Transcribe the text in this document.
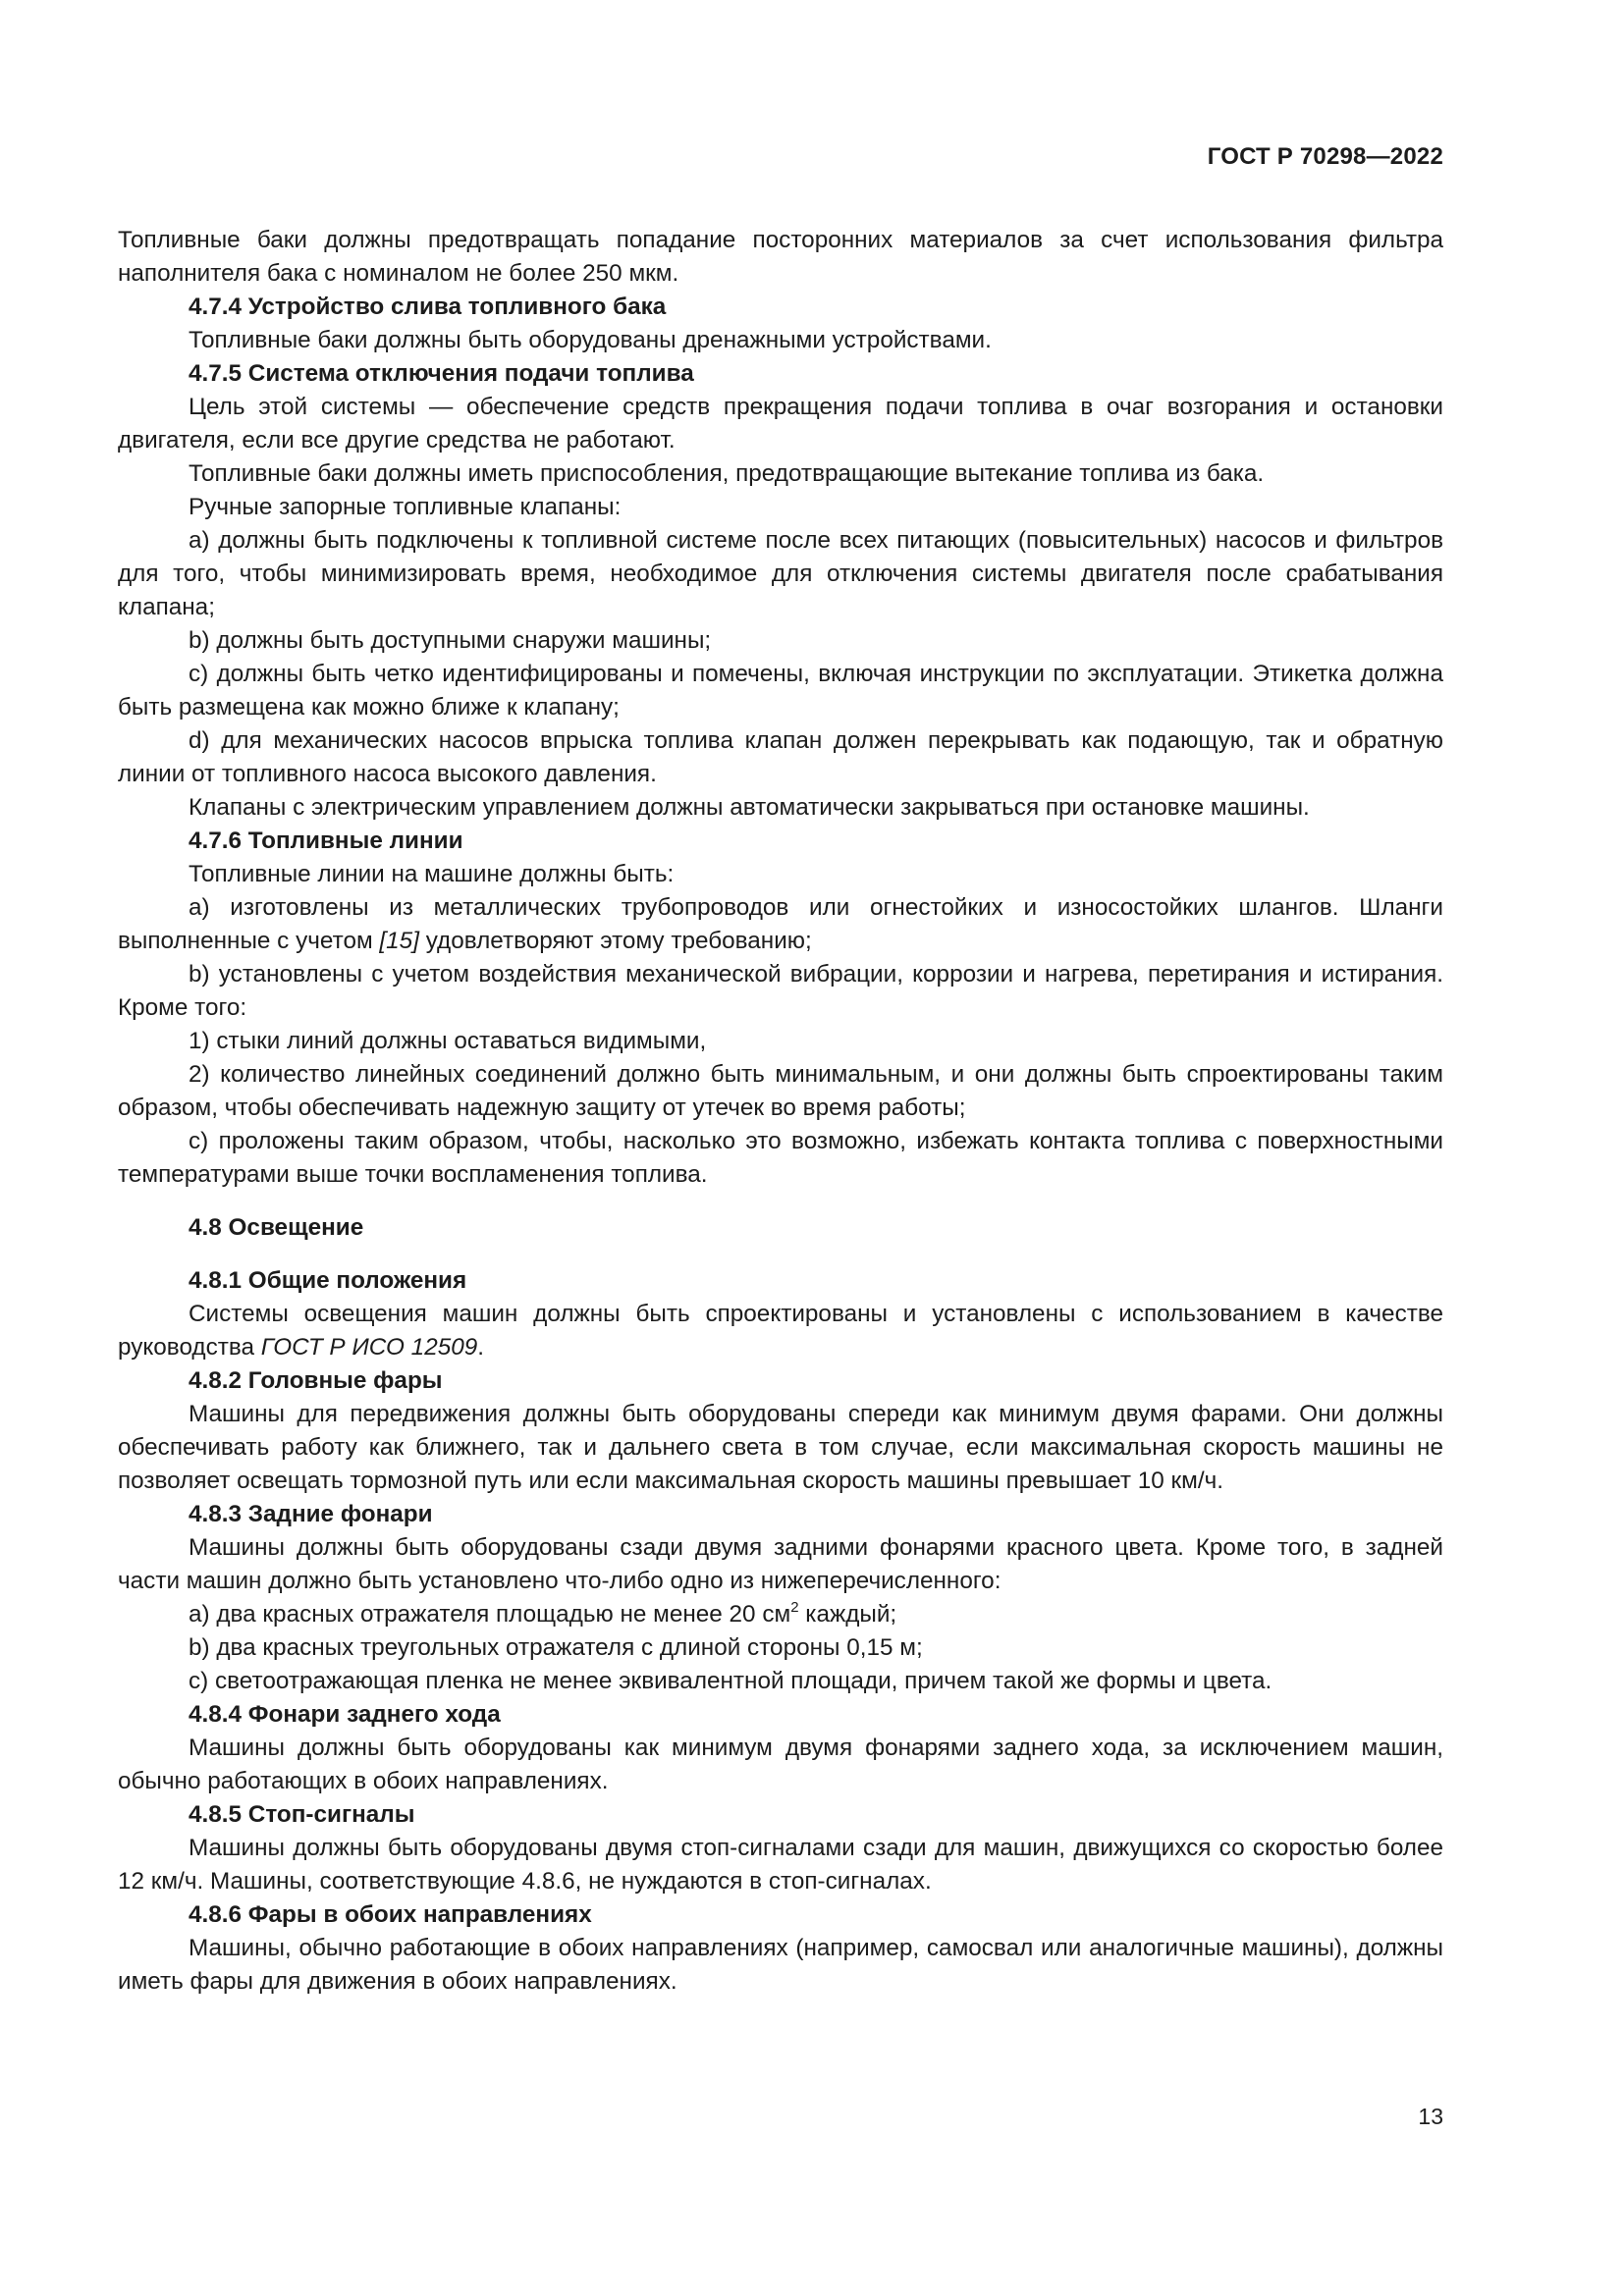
ГОСТ Р 70298—2022

Топливные баки должны предотвращать попадание посторонних материалов за счет использования фильтра наполнителя бака с номиналом не более 250 мкм.

4.7.4 Устройство слива топливного бака

Топливные баки должны быть оборудованы дренажными устройствами.

4.7.5 Система отключения подачи топлива

Цель этой системы — обеспечение средств прекращения подачи топлива в очаг возгорания и остановки двигателя, если все другие средства не работают.

Топливные баки должны иметь приспособления, предотвращающие вытекание топлива из бака.

Ручные запорные топливные клапаны:

а) должны быть подключены к топливной системе после всех питающих (повысительных) насосов и фильтров для того, чтобы минимизировать время, необходимое для отключения системы двигателя после срабатывания клапана;

b) должны быть доступными снаружи машины;

c) должны быть четко идентифицированы и помечены, включая инструкции по эксплуатации. Этикетка должна быть размещена как можно ближе к клапану;

d) для механических насосов впрыска топлива клапан должен перекрывать как подающую, так и обратную линии от топливного насоса высокого давления.

Клапаны с электрическим управлением должны автоматически закрываться при остановке машины.

4.7.6 Топливные линии

Топливные линии на машине должны быть:

а) изготовлены из металлических трубопроводов или огнестойких и износостойких шлангов. Шланги выполненные с учетом [15] удовлетворяют этому требованию;

b) установлены с учетом воздействия механической вибрации, коррозии и нагрева, перетирания и истирания. Кроме того:

1) стыки линий должны оставаться видимыми,

2) количество линейных соединений должно быть минимальным, и они должны быть спроектированы таким образом, чтобы обеспечивать надежную защиту от утечек во время работы;

c) проложены таким образом, чтобы, насколько это возможно, избежать контакта топлива с поверхностными температурами выше точки воспламенения топлива.

4.8 Освещение

4.8.1 Общие положения

Системы освещения машин должны быть спроектированы и установлены с использованием в качестве руководства ГОСТ Р ИСО 12509.

4.8.2 Головные фары

Машины для передвижения должны быть оборудованы спереди как минимум двумя фарами. Они должны обеспечивать работу как ближнего, так и дальнего света в том случае, если максимальная скорость машины не позволяет освещать тормозной путь или если максимальная скорость машины превышает 10 км/ч.

4.8.3 Задние фонари

Машины должны быть оборудованы сзади двумя задними фонарями красного цвета. Кроме того, в задней части машин должно быть установлено что-либо одно из нижеперечисленного:

а) два красных отражателя площадью не менее 20 $см^2$ каждый;

b) два красных треугольных отражателя с длиной стороны 0,15 м;

c) светоотражающая пленка не менее эквивалентной площади, причем такой же формы и цвета.

4.8.4 Фонари заднего хода

Машины должны быть оборудованы как минимум двумя фонарями заднего хода, за исключением машин, обычно работающих в обоих направлениях.

4.8.5 Стоп-сигналы

Машины должны быть оборудованы двумя стоп-сигналами сзади для машин, движущихся со скоростью более 12 км/ч. Машины, соответствующие 4.8.6, не нуждаются в стоп-сигналах.

4.8.6 Фары в обоих направлениях

Машины, обычно работающие в обоих направлениях (например, самосвал или аналогичные машины), должны иметь фары для движения в обоих направлениях.

13
